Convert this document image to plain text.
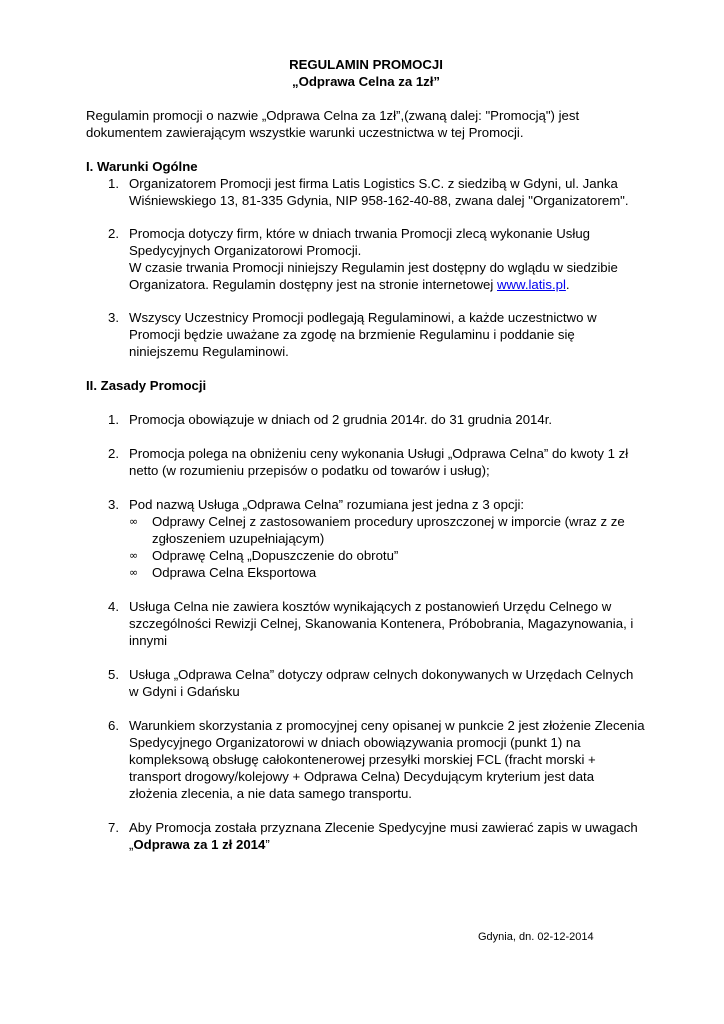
REGULAMIN PROMOCJI
„Odprawa Celna za 1zł”

Regulamin promocji o nazwie „Odprawa Celna za 1zł”,(zwaną dalej: "Promocją") jest dokumentem zawierającym wszystkie warunki uczestnictwa w tej Promocji.

I. Warunki Ogólne
1. Organizatorem Promocji jest firma Latis Logistics S.C. z siedzibą w Gdyni, ul. Janka Wiśniewskiego 13, 81-335 Gdynia, NIP 958-162-40-88, zwana dalej "Organizatorem".
2. Promocja dotyczy firm, które w dniach trwania Promocji zlecą wykonanie Usług Spedycyjnych Organizatorowi Promocji.
W czasie trwania Promocji niniejszy Regulamin jest dostępny do wglądu w siedzibie Organizatora. Regulamin dostępny jest na stronie internetowej www.latis.pl.
3. Wszyscy Uczestnicy Promocji podlegają Regulaminowi, a każde uczestnictwo w Promocji będzie uważane za zgodę na brzmienie Regulaminu i poddanie się niniejszemu Regulaminowi.
II. Zasady Promocji
1. Promocja obowiązuje w dniach od 2 grudnia 2014r. do 31 grudnia 2014r.
2. Promocja polega na obniżeniu ceny wykonania Usługi „Odprawa Celna” do kwoty 1 zł netto (w rozumieniu przepisów o podatku od towarów i usług);
3. Pod nazwą Usługa „Odprawa Celna” rozumiana jest jedna z 3 opcji:
∞ Odprawy Celnej z zastosowaniem procedury uproszczonej w imporcie (wraz z ze zgłoszeniem uzupełniającym)
∞ Odprawę Celną „Dopuszczenie do obrotu”
∞ Odprawa Celna Eksportowa
4. Usługa Celna nie zawiera kosztów wynikających z postanowień Urzędu Celnego w szczególności Rewizji Celnej, Skanowania Kontenera, Próbobrania, Magazynowania, i innymi
5. Usługa „Odprawa Celna” dotyczy odpraw celnych dokonywanych w Urzędach Celnych w Gdyni i Gdańsku
6. Warunkiem skorzystania z promocyjnej ceny opisanej w punkcie 2 jest złożenie Zlecenia Spedycyjnego Organizatorowi w dniach obowiązywania promocji (punkt 1) na kompleksową obsługę całokontenerowej przesyłki morskiej FCL (fracht morski + transport drogowy/kolejowy + Odprawa Celna) Decydującym kryterium jest data złożenia zlecenia, a nie data samego transportu.
7. Aby Promocja została przyznana Zlecenie Spedycyjne musi zawierać zapis w uwagach „Odprawa za 1 zł 2014”
Gdynia, dn. 02-12-2014
